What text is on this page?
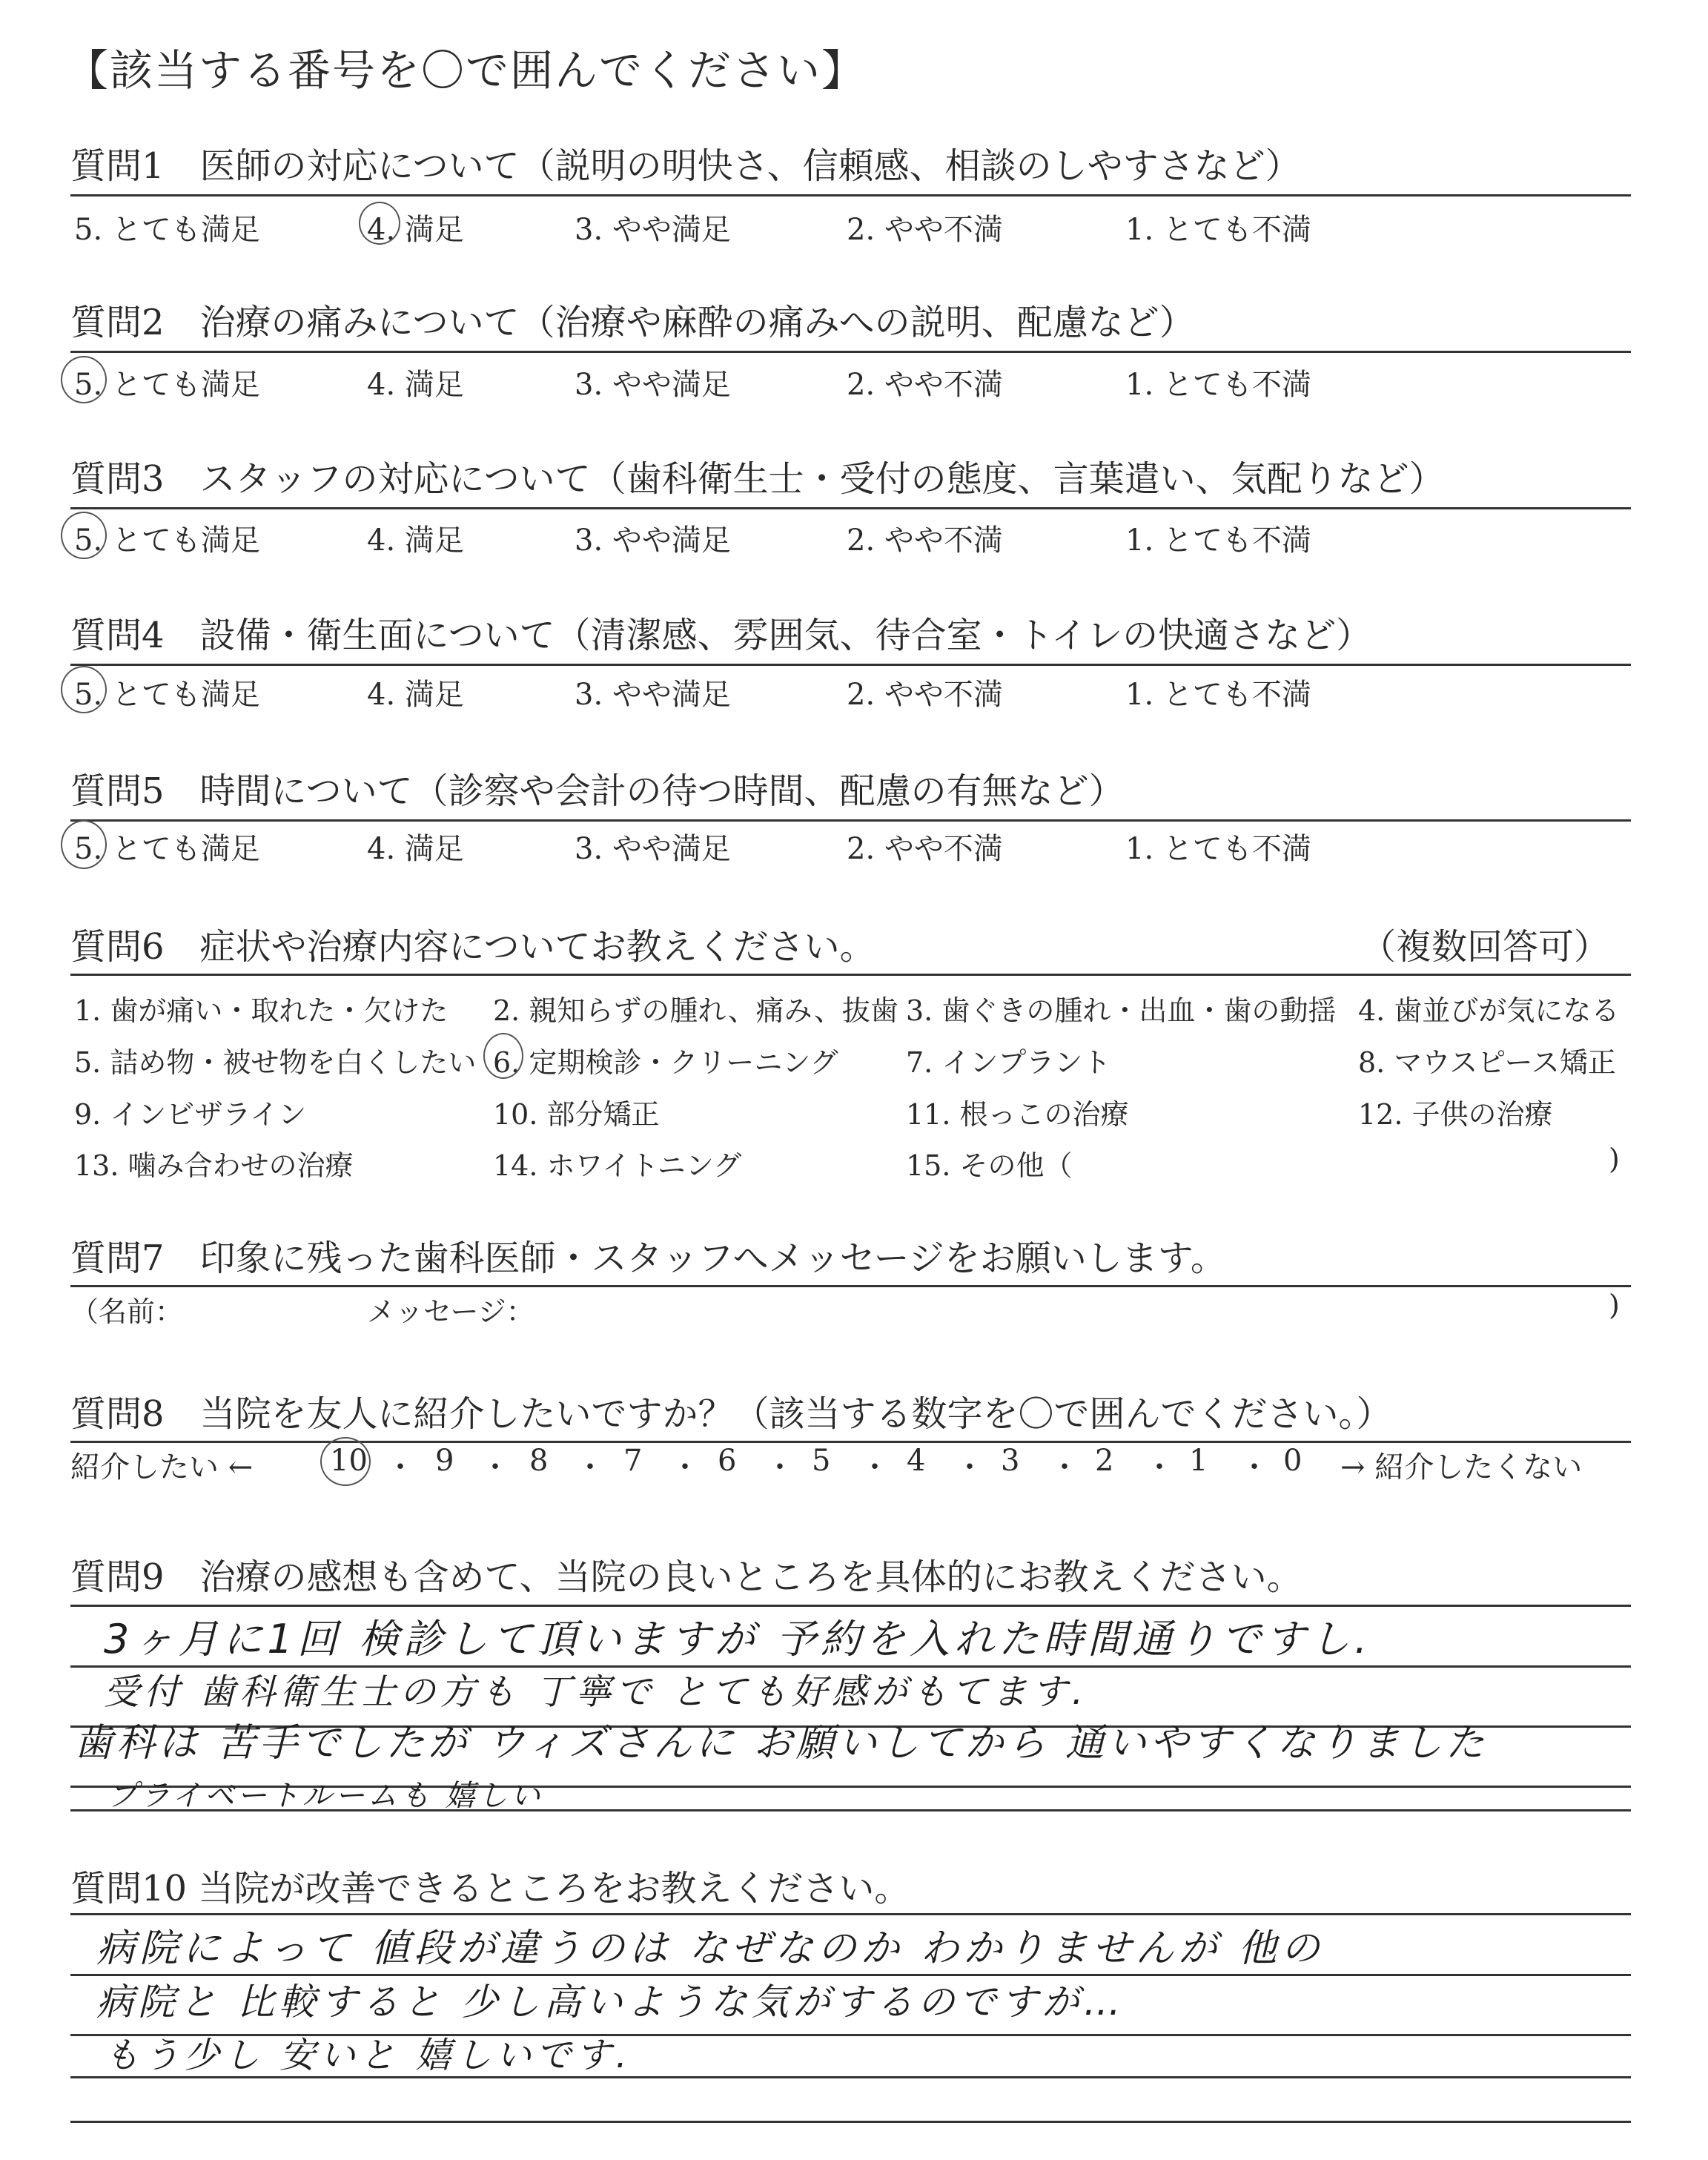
【該当する番号を〇で囲んでください】
質問1　医師の対応について（説明の明快さ、信頼感、相談のしやすさなど）
5. とても満足	4. 満足	3. やや満足	2. やや不満	1. とても不満
質問2　治療の痛みについて（治療や麻酔の痛みへの説明、配慮など）
5. とても満足	4. 満足	3. やや満足	2. やや不満	1. とても不満
質問3　スタッフの対応について（歯科衛生士・受付の態度、言葉遣い、気配りなど）
5. とても満足	4. 満足	3. やや満足	2. やや不満	1. とても不満
質問4　設備・衛生面について（清潔感、雰囲気、待合室・トイレの快適さなど）
5. とても満足	4. 満足	3. やや満足	2. やや不満	1. とても不満
質問5　時間について（診察や会計の待つ時間、配慮の有無など）
5. とても満足	4. 満足	3. やや満足	2. やや不満	1. とても不満
質問6　症状や治療内容についてお教えください。	（複数回答可）
1. 歯が痛い・取れた・欠けた 2. 親知らずの腫れ、痛み、抜歯 3. 歯ぐきの腫れ・出血・歯の動揺 4. 歯並びが気になる
5. 詰め物・被せ物を白くしたい 6. 定期検診・クリーニング 7. インプラント	8. マウスピース矯正
9. インビザライン	10. 部分矯正	11. 根っこの治療	12. 子供の治療
13. 噛み合わせの治療	14. ホワイトニング	15. その他（	)
質問7　印象に残った歯科医師・スタッフへメッセージをお願いします。
（名前：	メッセージ：	)
質問8　当院を友人に紹介したいですか？（該当する数字を〇で囲んでください。）
紹介したい ←	10 ・ 9 ・ 8 ・ 7 ・ 6 ・ 5 ・ 4 ・ 3 ・ 2 ・ 1 ・ 0 → 紹介したくない
質問9　治療の感想も含めて、当院の良いところを具体的にお教えください。
3ヶ月に1回 検診して頂いますが 予約を入れた時間通りですし.
受付 歯科衛生士の方も 丁寧で とても好感がもてます.
歯科は 苦手でしたが ウィズさんに お願いしてから 通いやすくなりました
プライベートルームも 嬉しい
質問10 当院が改善できるところをお教えください。
病院によって 値段が違うのは なぜなのか わかりませんが 他の
病院と 比較すると 少し高いような気がするのですが…
もう少し 安いと 嬉しいです.
